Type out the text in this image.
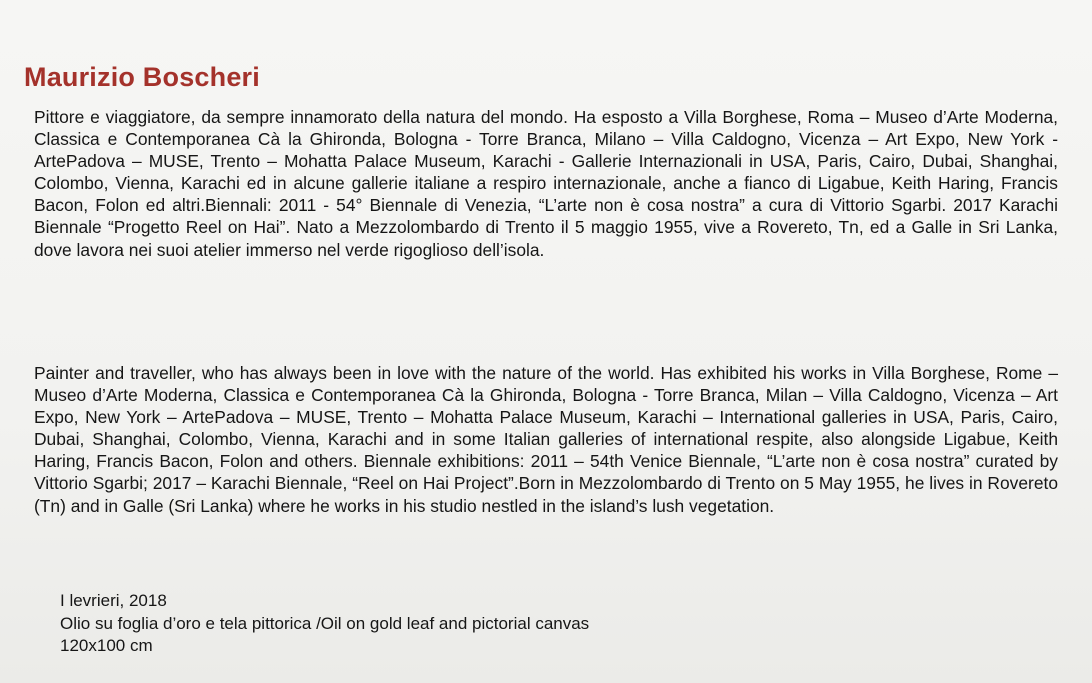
Maurizio Boscheri

Pittore e viaggiatore, da sempre innamorato della natura del mondo. Ha esposto a Villa Borghese, Roma – Museo d’Arte Moderna, Classica e Contemporanea Cà la Ghironda, Bologna - Torre Branca, Milano – Villa Caldogno, Vicenza – Art Expo, New York - ArtePadova – MUSE, Trento – Mohatta Palace Museum, Karachi - Gallerie Internazionali in USA, Paris, Cairo, Dubai, Shanghai, Colombo, Vienna, Karachi ed in alcune gallerie italiane a respiro internazionale, anche a fianco di Ligabue, Keith Haring, Francis Bacon, Folon ed altri.Biennali: 2011 - 54° Biennale di Venezia, “L’arte non è cosa nostra” a cura di Vittorio Sgarbi. 2017 Karachi Biennale “Progetto Reel on Hai”. Nato a Mezzolombardo di Trento il 5 maggio 1955, vive a Rovereto, Tn, ed a Galle in Sri Lanka, dove lavora nei suoi atelier immerso nel verde rigoglioso dell’isola.

Painter and traveller, who has always been in love with the nature of the world. Has exhibited his works in Villa Borghese, Rome – Museo d’Arte Moderna, Classica e Contemporanea Cà la Ghironda, Bologna - Torre Branca, Milan – Villa Caldogno, Vicenza – Art Expo, New York – ArtePadova – MUSE, Trento – Mohatta Palace Museum, Karachi – International galleries in USA, Paris, Cairo, Dubai, Shanghai, Colombo, Vienna, Karachi and in some Italian galleries of international respite, also alongside Ligabue, Keith Haring, Francis Bacon, Folon and others. Biennale exhibitions: 2011 – 54th Venice Biennale, “L’arte non è cosa nostra” curated by Vittorio Sgarbi; 2017 – Karachi Biennale, “Reel on Hai Project”.Born in Mezzolombardo di Trento on 5 May 1955, he lives in Rovereto (Tn) and in Galle (Sri Lanka) where he works in his studio nestled in the island’s lush vegetation.

I levrieri, 2018
Olio su foglia d’oro e tela pittorica /Oil on gold leaf and pictorial canvas
120x100 cm
